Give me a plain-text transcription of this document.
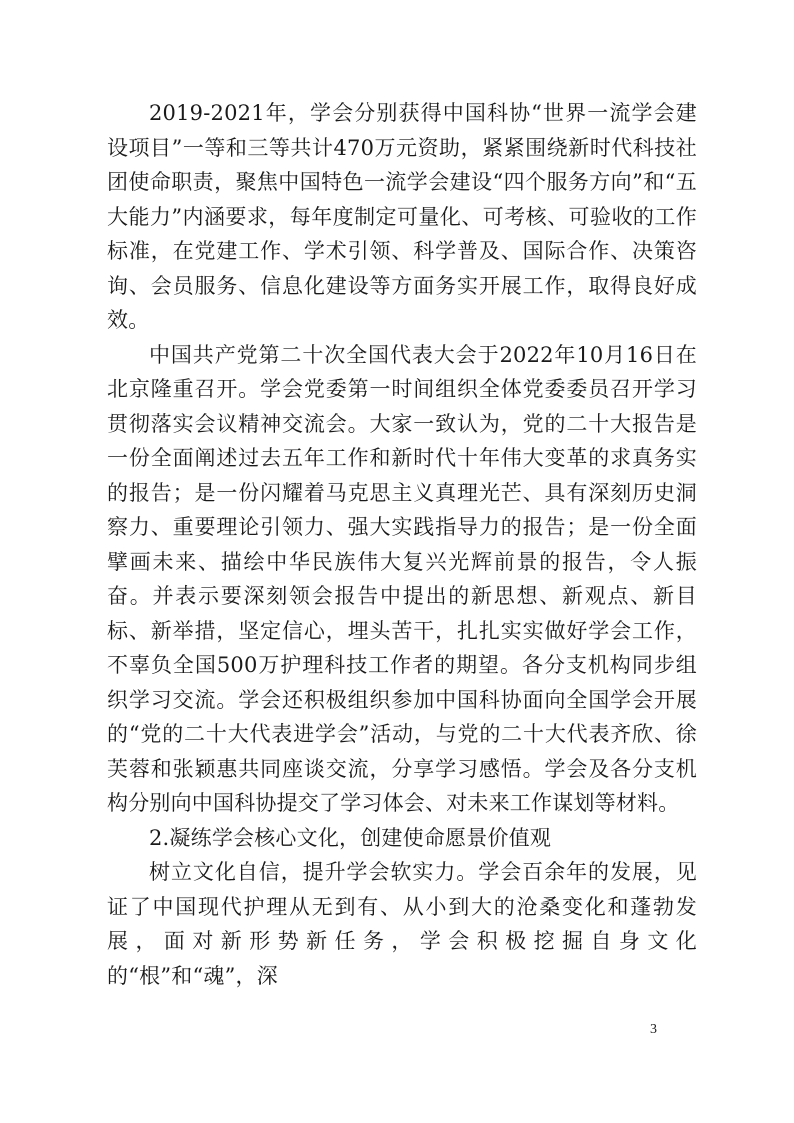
2019-2021年，学会分别获得中国科协“世界一流学会建设项目”一等和三等共计470万元资助，紧紧围绕新时代科技社团使命职责，聚焦中国特色一流学会建设“四个服务方向”和“五大能力”内涵要求，每年度制定可量化、可考核、可验收的工作标准，在党建工作、学术引领、科学普及、国际合作、决策咨询、会员服务、信息化建设等方面务实开展工作，取得良好成效。

中国共产党第二十次全国代表大会于2022年10月16日在北京隆重召开。学会党委第一时间组织全体党委委员召开学习贯彻落实会议精神交流会。大家一致认为，党的二十大报告是一份全面阐述过去五年工作和新时代十年伟大变革的求真务实的报告；是一份闪耀着马克思主义真理光芒、具有深刻历史洞察力、重要理论引领力、强大实践指导力的报告；是一份全面擘画未来、描绘中华民族伟大复兴光辉前景的报告，令人振奋。并表示要深刻领会报告中提出的新思想、新观点、新目标、新举措，坚定信心，埋头苦干，扎扎实实做好学会工作，不辜负全国500万护理科技工作者的期望。各分支机构同步组织学习交流。学会还积极组织参加中国科协面向全国学会开展的“党的二十大代表进学会”活动，与党的二十大代表齐欣、徐芙蓉和张颖惠共同座谈交流，分享学习感悟。学会及各分支机构分别向中国科协提交了学习体会、对未来工作谋划等材料。

2.凝练学会核心文化，创建使命愿景价值观

树立文化自信，提升学会软实力。学会百余年的发展，见证了中国现代护理从无到有、从小到大的沧桑变化和蓬勃发展，面对新形势新任务，学会积极挖掘自身文化的“根”和“魂”，深

3
